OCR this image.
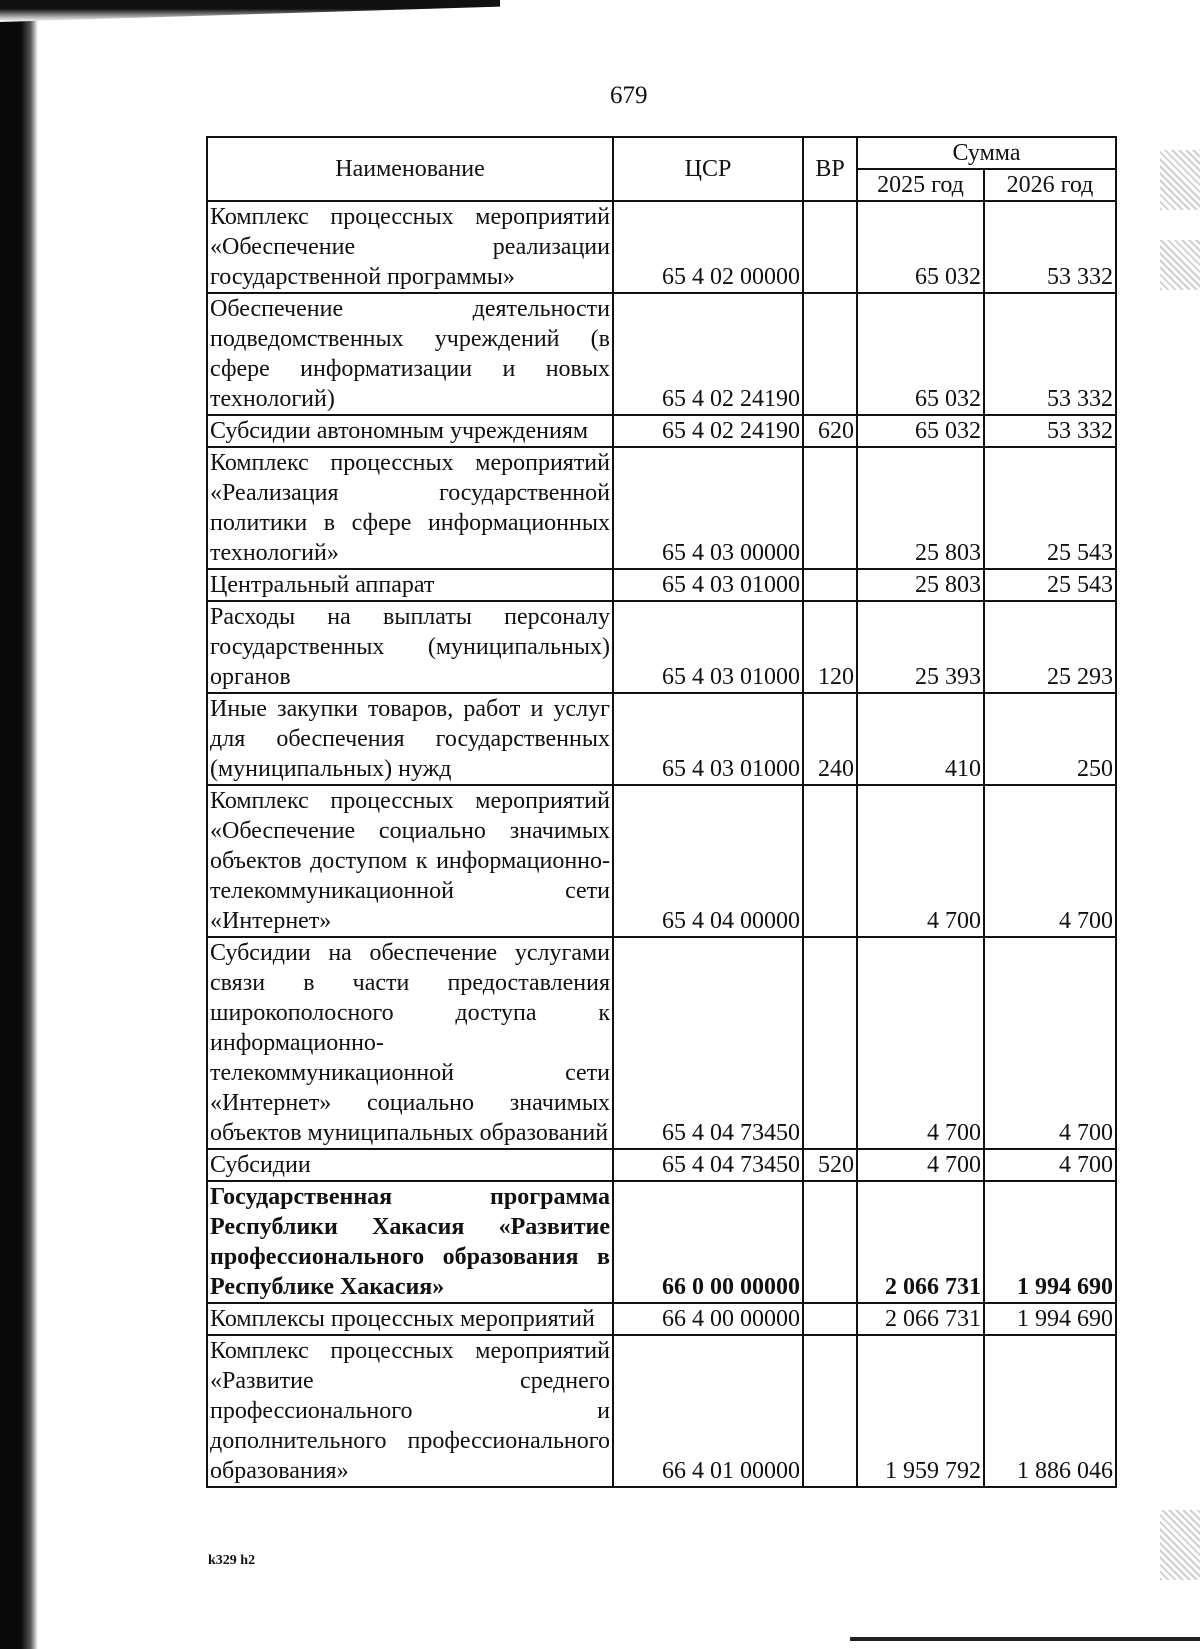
679
Наименование	ЦСР	ВР	Сумма	
			2025 год	2026 год
Комплекс процессных мероприятий «Обеспечение реализации государственной программы»	65 4 02 00000		65 032	53 332
Обеспечение деятельности подведомственных учреждений (в сфере информатизации и новых технологий)	65 4 02 24190		65 032	53 332
Субсидии автономным учреждениям	65 4 02 24190	620	65 032	53 332
Комплекс процессных мероприятий «Реализация государственной политики в сфере информационных технологий»	65 4 03 00000		25 803	25 543
Центральный аппарат	65 4 03 01000		25 803	25 543
Расходы на выплаты персоналу государственных (муниципальных) органов	65 4 03 01000	120	25 393	25 293
Иные закупки товаров, работ и услуг для обеспечения государственных (муниципальных) нужд	65 4 03 01000	240	410	250
Комплекс процессных мероприятий «Обеспечение социально значимых объектов доступом к информационно-телекоммуникационной сети «Интернет»	65 4 04 00000		4 700	4 700
Субсидии на обеспечение услугами связи в части предоставления широкополосного доступа к информационно-телекоммуникационной сети «Интернет» социально значимых объектов муниципальных образований	65 4 04 73450		4 700	4 700
Субсидии	65 4 04 73450	520	4 700	4 700
Государственная программа Республики Хакасия «Развитие профессионального образования в Республике Хакасия»	66 0 00 00000		2 066 731	1 994 690
Комплексы процессных мероприятий	66 4 00 00000		2 066 731	1 994 690
Комплекс процессных мероприятий «Развитие среднего профессионального и дополнительного профессионального образования»	66 4 01 00000		1 959 792	1 886 046
k329 h2
